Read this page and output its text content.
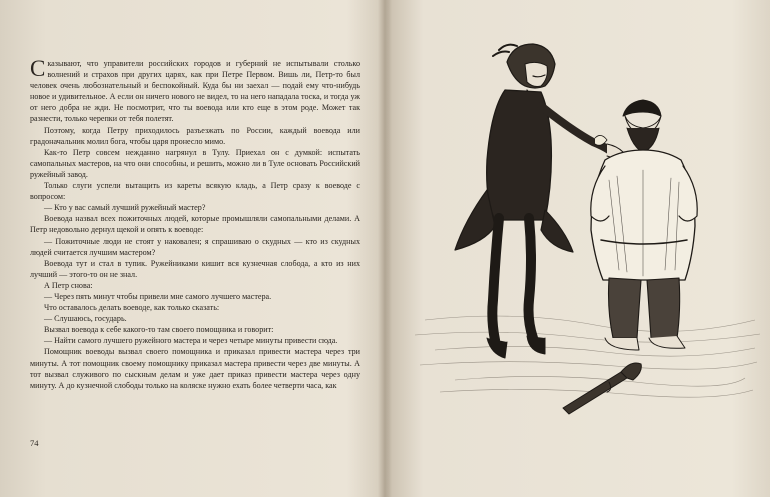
Сказывают, что управители российских городов и губерний не испытывали столько волнений и страхов при других царях, как при Петре Первом. Вишь ли, Петр-то был человек очень любознательный и беспокойный. Куда бы ни заехал — подай ему что-нибудь новое и удивительное. А если он ничего нового не видел, то на него нападала тоска, и тогда уж от него добра не жди. Не посмотрит, что ты воевода или кто еще в этом роде. Может так разнести, только черепки от тебя полетят.

Поэтому, когда Петру приходилось разъезжать по России, каждый воевода или градоначальник молил бога, чтобы царя пронесло мимо.

Как-то Петр совсем нежданно нагрянул в Тулу. Приехал он с думкой: испытать самопальных мастеров, на что они способны, и решить, можно ли в Туле основать Российский ружейный завод.

Только слуги успели вытащить из кареты всякую кладь, а Петр сразу к воеводе с вопросом:

— Кто у вас самый лучший ружейный мастер?

Воевода назвал всех пожиточных людей, которые промышляли самопальными делами. А Петр недовольно дернул щекой и опять к воеводе:

— Пожиточные люди не стоят у наковален; я спрашиваю о скудных — кто из скудных людей считается лучшим мастером?

Воевода тут и стал в тупик. Ружейниками кишит вся кузнечная слобода, а кто из них лучший — этого-то он не знал.

А Петр снова:

— Через пять минут чтобы привели мне самого лучшего мастера.

Что оставалось делать воеводе, как только сказать:

— Слушаюсь, государь.

Вызвал воевода к себе какого-то там своего помощника и говорит:

— Найти самого лучшего ружейного мастера и через четыре минуты привести сюда.

Помощник воеводы вызвал своего помощника и приказал привести мастера через три минуты. А тот помощник своему помощнику приказал мастера привести через две минуты. А тот вызвал служивого по сыскным делам и уже дает приказ привести мастера через одну минуту. А до кузнечной слободы только на коляске нужно ехать более четверти часа, как

74
